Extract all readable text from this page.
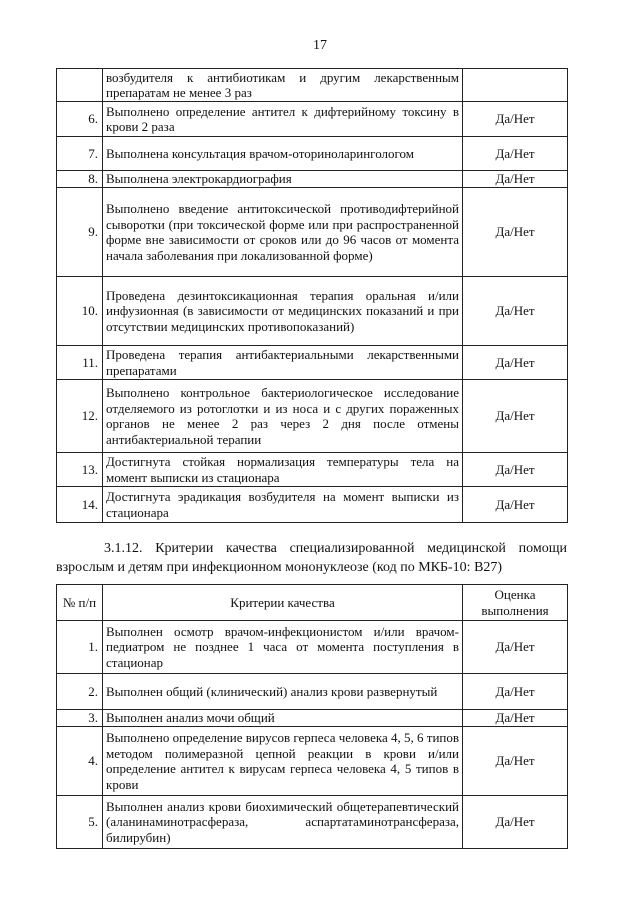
17
	возбудителя к антибиотикам и другим лекарственным препаратам не менее 3 раз	
6.	Выполнено определение антител к дифтерийному токсину в крови 2 раза	Да/Нет
7.	Выполнена консультация врачом-оториноларингологом	Да/Нет
8.	Выполнена электрокардиография	Да/Нет
9.	Выполнено введение антитоксической противодифтерийной сыворотки (при токсической форме или при распространенной форме вне зависимости от сроков или до 96 часов от момента начала заболевания при локализованной форме)	Да/Нет
10.	Проведена дезинтоксикационная терапия оральная и/или инфузионная (в зависимости от медицинских показаний и при отсутствии медицинских противопоказаний)	Да/Нет
11.	Проведена терапия антибактериальными лекарственными препаратами	Да/Нет
12.	Выполнено контрольное бактериологическое исследование отделяемого из ротоглотки и из носа и с других пораженных органов не менее 2 раз через 2 дня после отмены антибактериальной терапии	Да/Нет
13.	Достигнута стойкая нормализация температуры тела на момент выписки из стационара	Да/Нет
14.	Достигнута эрадикация возбудителя на момент выписки из стационара	Да/Нет
3.1.12. Критерии качества специализированной медицинской помощи
взрослым и детям при инфекционном мононуклеозе (код по МКБ-10: B27)
№ п/п	Критерии качества	Оценка выполнения
1.	Выполнен осмотр врачом-инфекционистом и/или врачом-педиатром не позднее 1 часа от момента поступления в стационар	Да/Нет
2.	Выполнен общий (клинический) анализ крови развернутый	Да/Нет
3.	Выполнен анализ мочи общий	Да/Нет
4.	Выполнено определение вирусов герпеса человека 4, 5, 6 типов методом полимеразной цепной реакции в крови и/или определение антител к вирусам герпеса человека 4, 5 типов в крови	Да/Нет
5.	Выполнен анализ крови биохимический общетерапевтический (аланинаминотрасфераза, аспартатаминотрансфераза, билирубин)	Да/Нет
